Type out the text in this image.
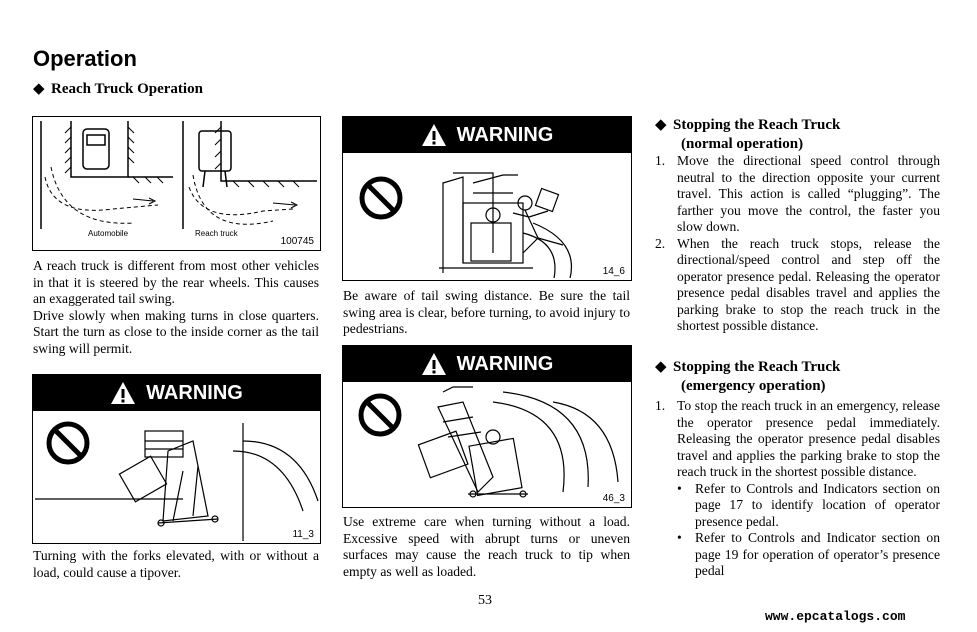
Operation
◆ Reach Truck Operation
Automobile	Reach truck
100745

A reach truck is different from most other vehicles in that it is steered by the rear wheels. This causes an exaggerated tail swing.

Drive slowly when making turns in close quarters. Start the turn as close to the inside corner as the tail swing will permit.

WARNING
11_3
Turning with the forks elevated, with or without a load, could cause a tipover.
WARNING
14_6
Be aware of tail swing distance. Be sure the tail swing area is clear, before turning, to avoid injury to pedestrians.
WARNING
46_3
Use extreme care when turning without a load. Excessive speed with abrupt turns or uneven surfaces may cause the reach truck to tip when empty as well as loaded.
◆ Stopping the Reach Truck
(normal operation)
1. Move the directional speed control through neutral to the direction opposite your current travel. This action is called “plugging”. The farther you move the control, the faster you slow down.
2. When the reach truck stops, release the directional/speed control and step off the operator presence pedal. Releasing the operator presence pedal disables travel and applies the parking brake to stop the reach truck in the shortest possible distance.
◆ Stopping the Reach Truck
(emergency operation)
1. To stop the reach truck in an emergency, release the operator presence pedal immediately. Releasing the operator presence pedal disables travel and applies the parking brake to stop the reach truck in the shortest possible distance.
• Refer to Controls and Indicators section on page 17 to identify location of operator presence pedal.
• Refer to Controls and Indicator section on page 19 for operation of operator’s presence pedal
53
www.epcatalogs.com
